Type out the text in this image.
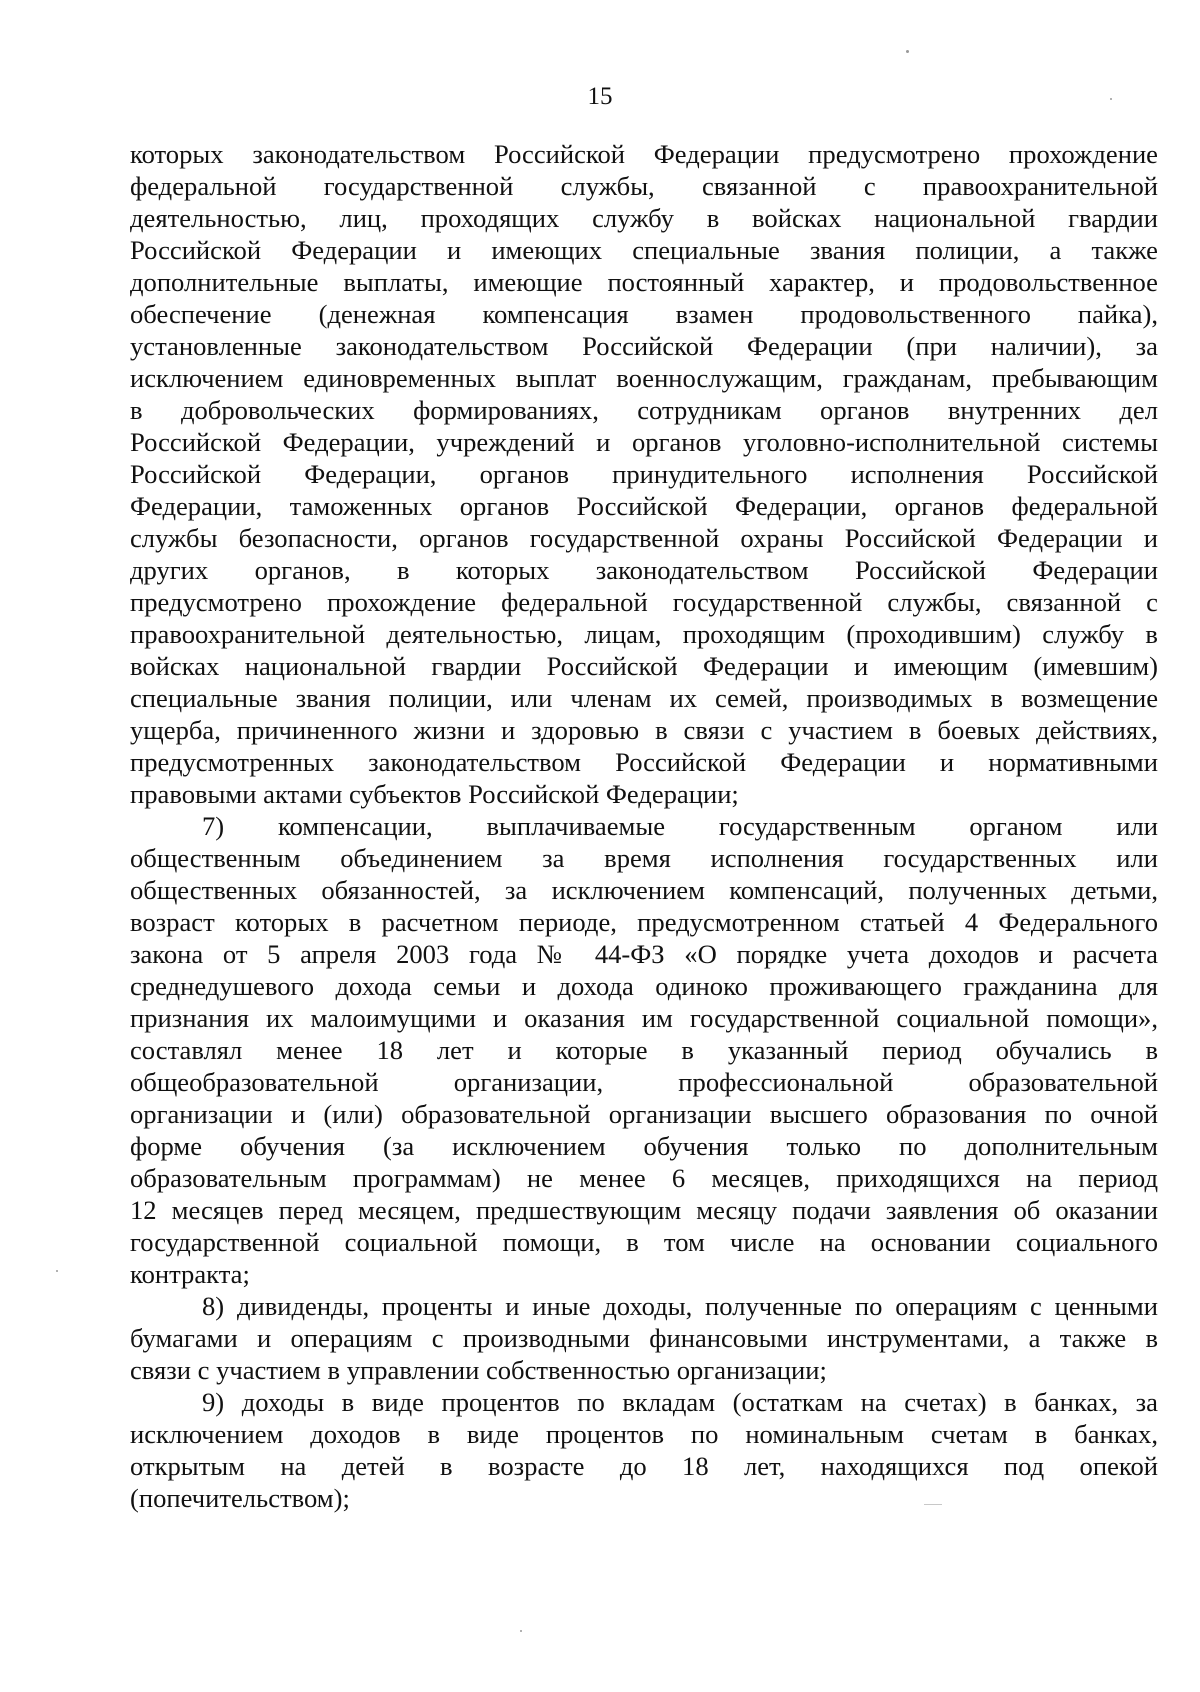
15
которых законодательством Российской Федерации предусмотрено прохождение
федеральной государственной службы, связанной с правоохранительной
деятельностью, лиц, проходящих службу в войсках национальной гвардии
Российской Федерации и имеющих специальные звания полиции, а также
дополнительные выплаты, имеющие постоянный характер, и продовольственное
обеспечение (денежная компенсация взамен продовольственного пайка),
установленные законодательством Российской Федерации (при наличии), за
исключением единовременных выплат военнослужащим, гражданам, пребывающим
в добровольческих формированиях, сотрудникам органов внутренних дел
Российской Федерации, учреждений и органов уголовно-исполнительной системы
Российской Федерации, органов принудительного исполнения Российской
Федерации, таможенных органов Российской Федерации, органов федеральной
службы безопасности, органов государственной охраны Российской Федерации и
других органов, в которых законодательством Российской Федерации
предусмотрено прохождение федеральной государственной службы, связанной с
правоохранительной деятельностью, лицам, проходящим (проходившим) службу в
войсках национальной гвардии Российской Федерации и имеющим (имевшим)
специальные звания полиции, или членам их семей, производимых в возмещение
ущерба, причиненного жизни и здоровью в связи с участием в боевых действиях,
предусмотренных законодательством Российской Федерации и нормативными
правовыми актами субъектов Российской Федерации;
7) компенсации, выплачиваемые государственным органом или
общественным объединением за время исполнения государственных или
общественных обязанностей, за исключением компенсаций, полученных детьми,
возраст которых в расчетном периоде, предусмотренном статьей 4 Федерального
закона от 5 апреля 2003 года № 44-ФЗ «О порядке учета доходов и расчета
среднедушевого дохода семьи и дохода одиноко проживающего гражданина для
признания их малоимущими и оказания им государственной социальной помощи»,
составлял менее 18 лет и которые в указанный период обучались в
общеобразовательной организации, профессиональной образовательной
организации и (или) образовательной организации высшего образования по очной
форме обучения (за исключением обучения только по дополнительным
образовательным программам) не менее 6 месяцев, приходящихся на период
12 месяцев перед месяцем, предшествующим месяцу подачи заявления об оказании
государственной социальной помощи, в том числе на основании социального
контракта;
8) дивиденды, проценты и иные доходы, полученные по операциям с ценными
бумагами и операциям с производными финансовыми инструментами, а также в
связи с участием в управлении собственностью организации;
9) доходы в виде процентов по вкладам (остаткам на счетах) в банках, за
исключением доходов в виде процентов по номинальным счетам в банках,
открытым на детей в возрасте до 18 лет, находящихся под опекой
(попечительством);
